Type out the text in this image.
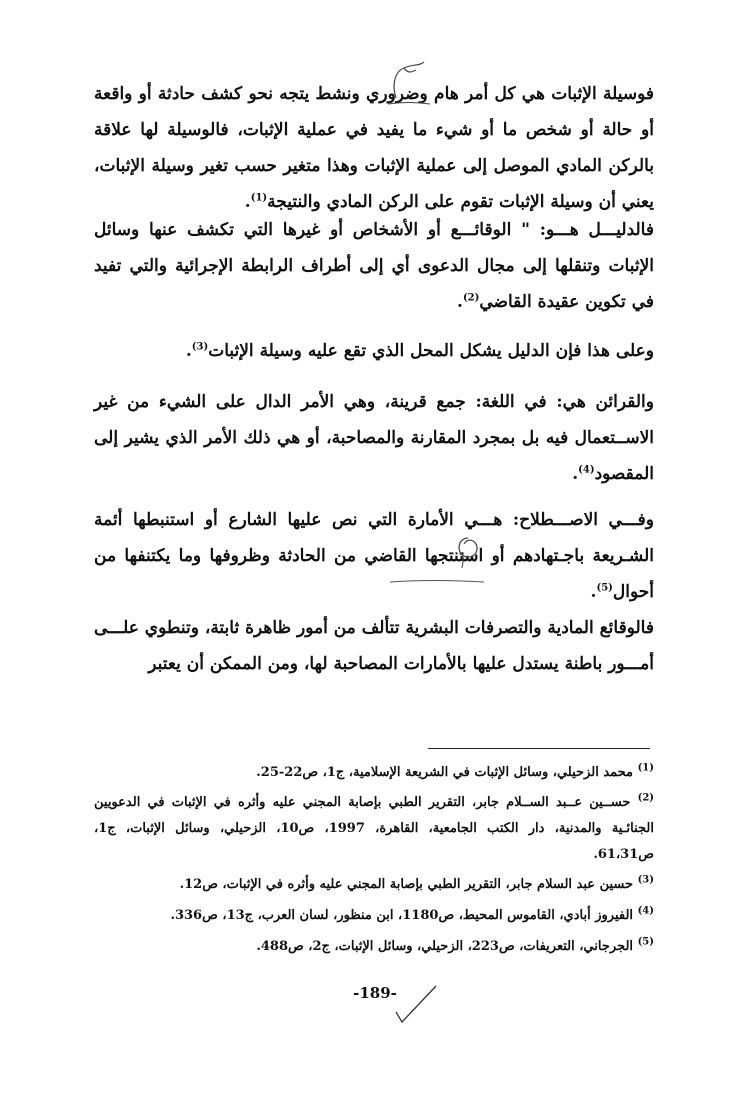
فوسيلة الإثبات هي كل أمر هام وضروري ونشط يتجه نحو كشف حادثة أو واقعة أو حالة أو شخص ما أو شيء ما يفيد في عملية الإثبات، فالوسيلة لها علاقة بالركن المادي الموصل إلى عملية الإثبات وهذا متغير حسب تغير وسيلة الإثبات، يعني أن وسيلة الإثبات تقوم على الركن المادي والنتيجة$^{(1)}$.
فالدليـــل هـــو: " الوقائـــع أو الأشخاص أو غيرها التي تكشف عنها وسائل الإثبات وتنقلها إلى مجال الدعوى أي إلى أطراف الرابطة الإجرائية والتي تفيد في تكوين عقيدة القاضي$^{(2)}$.
وعلى هذا فإن الدليل يشكل المحل الذي تقع عليه وسيلة الإثبات$^{(3)}$.
والقرائن هي: في اللغة: جمع قرينة، وهي الأمر الدال على الشيء من غير الاســتعمال فيه بل بمجرد المقارنة والمصاحبة، أو هي ذلك الأمر الذي يشير إلى المقصود$^{(4)}$.
وفـــي الاصـــطلاح: هـــي الأمارة التي نص عليها الشارع أو استنبطها أئمة الشـريعة باجـتهادهم أو استنتجها القاضي من الحادثة وظروفها وما يكتنفها من أحوال$^{(5)}$.
فالوقائع المادية والتصرفات البشرية تتألف من أمور ظاهرة ثابتة، وتنطوي علـــى أمـــور باطنة يستدل عليها بالأمارات المصاحبة لها، ومن الممكن أن يعتبر
$^{(1)}$ محمد الزحيلي، وسائل الإثبات في الشريعة الإسلامية، ج1، ص22-25.
$^{(2)}$ حســين عــبد الســلام جابر، التقرير الطبي بإصابة المجني عليه وأثره في الإثبات في الدعويين الجنائـية والمدنية، دار الكتب الجامعية، القاهرة، 1997، ص10، الزحيلي، وسائل الإثبات، ج1، ص61،31.
$^{(3)}$ حسين عبد السلام جابر، التقرير الطبي بإصابة المجني عليه وأثره في الإثبات، ص12.
$^{(4)}$ الفيروز أبادي، القاموس المحيط، ص1180، ابن منظور، لسان العرب، ج13، ص336.
$^{(5)}$ الجرجاني، التعريفات، ص223، الزحيلي، وسائل الإثبات، ج2، ص488.
-189-
